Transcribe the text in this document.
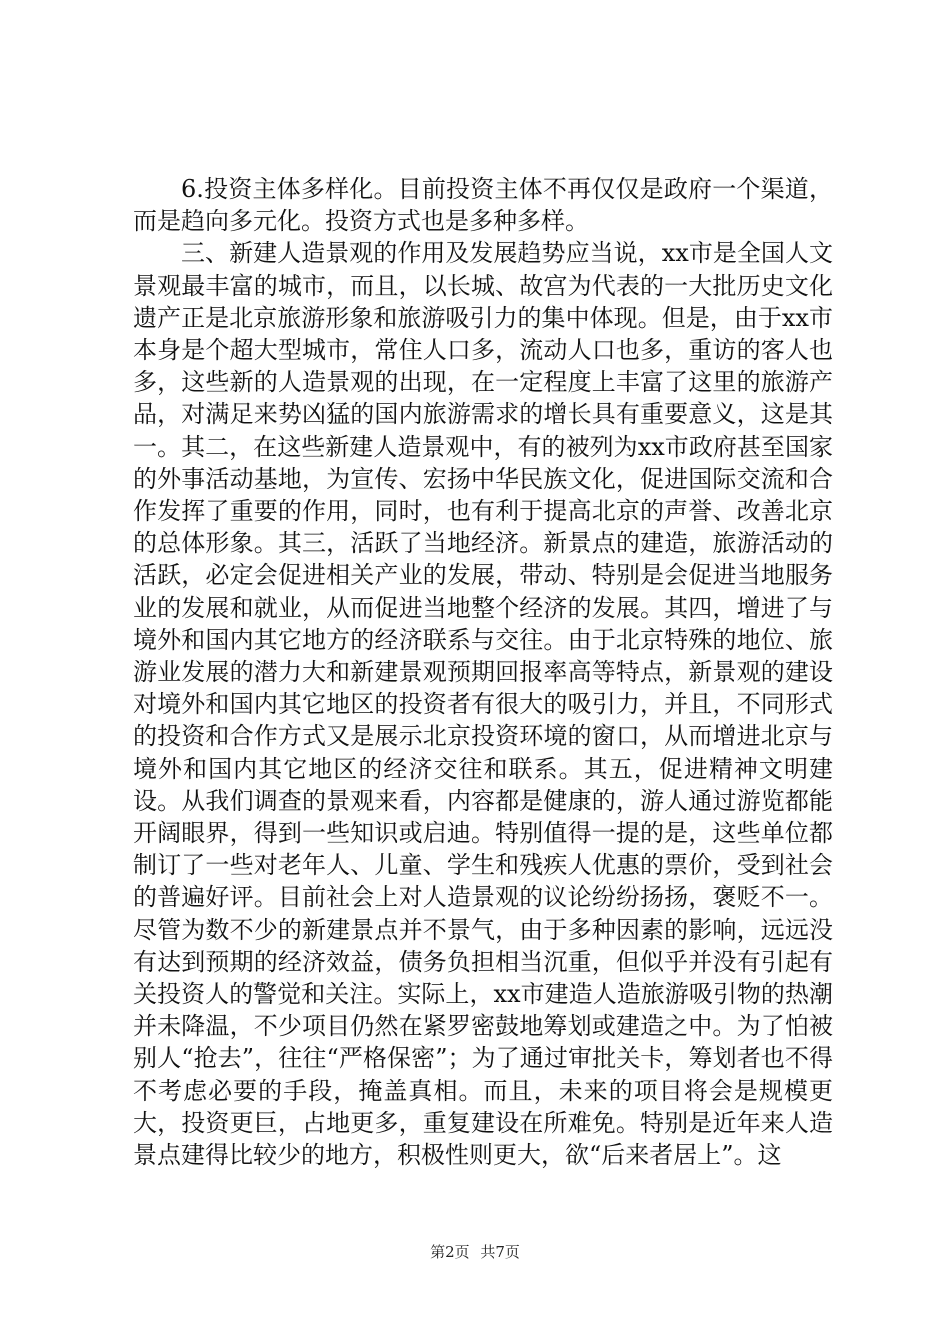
6.投资主体多样化。目前投资主体不再仅仅是政府一个渠道，而是趋向多元化。投资方式也是多种多样。

三、新建人造景观的作用及发展趋势应当说，xx市是全国人文景观最丰富的城市，而且，以长城、故宫为代表的一大批历史文化遗产正是北京旅游形象和旅游吸引力的集中体现。但是，由于xx市本身是个超大型城市，常住人口多，流动人口也多，重访的客人也多，这些新的人造景观的出现，在一定程度上丰富了这里的旅游产品，对满足来势凶猛的国内旅游需求的增长具有重要意义，这是其一。其二，在这些新建人造景观中，有的被列为xx市政府甚至国家的外事活动基地，为宣传、宏扬中华民族文化，促进国际交流和合作发挥了重要的作用，同时，也有利于提高北京的声誉、改善北京的总体形象。其三，活跃了当地经济。新景点的建造，旅游活动的活跃，必定会促进相关产业的发展，带动、特别是会促进当地服务业的发展和就业，从而促进当地整个经济的发展。其四，增进了与境外和国内其它地方的经济联系与交往。由于北京特殊的地位、旅游业发展的潜力大和新建景观预期回报率高等特点，新景观的建设对境外和国内其它地区的投资者有很大的吸引力，并且，不同形式的投资和合作方式又是展示北京投资环境的窗口，从而增进北京与境外和国内其它地区的经济交往和联系。其五，促进精神文明建设。从我们调查的景观来看，内容都是健康的，游人通过游览都能开阔眼界，得到一些知识或启迪。特别值得一提的是，这些单位都制订了一些对老年人、儿童、学生和残疾人优惠的票价，受到社会的普遍好评。目前社会上对人造景观的议论纷纷扬扬，褒贬不一。尽管为数不少的新建景点并不景气，由于多种因素的影响，远远没有达到预期的经济效益，债务负担相当沉重，但似乎并没有引起有关投资人的警觉和关注。实际上，xx市建造人造旅游吸引物的热潮并未降温，不少项目仍然在紧罗密鼓地筹划或建造之中。为了怕被别人“抢去”，往往“严格保密”；为了通过审批关卡，筹划者也不得不考虑必要的手段，掩盖真相。而且，未来的项目将会是规模更大，投资更巨，占地更多，重复建设在所难免。特别是近年来人造景点建得比较少的地方，积极性则更大，欲“后来者居上”。这

第2页 共7页
